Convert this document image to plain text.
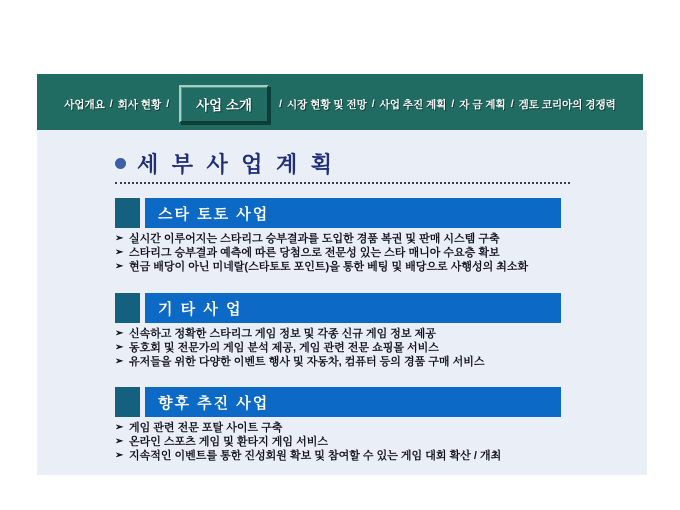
사업개요 / 회사 현황 /	사업 소개	/ 시장 현황 및 전망 / 사업 추진 계획 / 자 금 계획 / 겜토 코리아의 경쟁력
세 부 사 업 계 획
스타 토토 사업
➢ 실시간 이루어지는 스타리그 승부결과를 도입한 경품 복권 및 판매 시스템 구축
➢ 스타리그 승부결과 예측에 따른 당첨으로 전문성 있는 스타 매니아 수요층 확보
➢ 현금 배당이 아닌 미네랄(스타토토 포인트)을 통한 베팅 및 배당으로 사행성의 최소화
기 타 사 업
➢ 신속하고 정확한 스타리그 게임 정보 및 각종 신규 게임 정보 제공
➢ 동호회 및 전문가의 게임 분석 제공, 게임 관련 전문 쇼핑몰 서비스
➢ 유저들을 위한 다양한 이벤트 행사 및 자동차, 컴퓨터 등의 경품 구매 서비스
향후 추진 사업
➢ 게임 관련 전문 포탈 사이트 구축
➢ 온라인 스포츠 게임 및 환타지 게임 서비스
➢ 지속적인 이벤트를 통한 진성회원 확보 및 참여할 수 있는 게임 대회 확산 / 개최
